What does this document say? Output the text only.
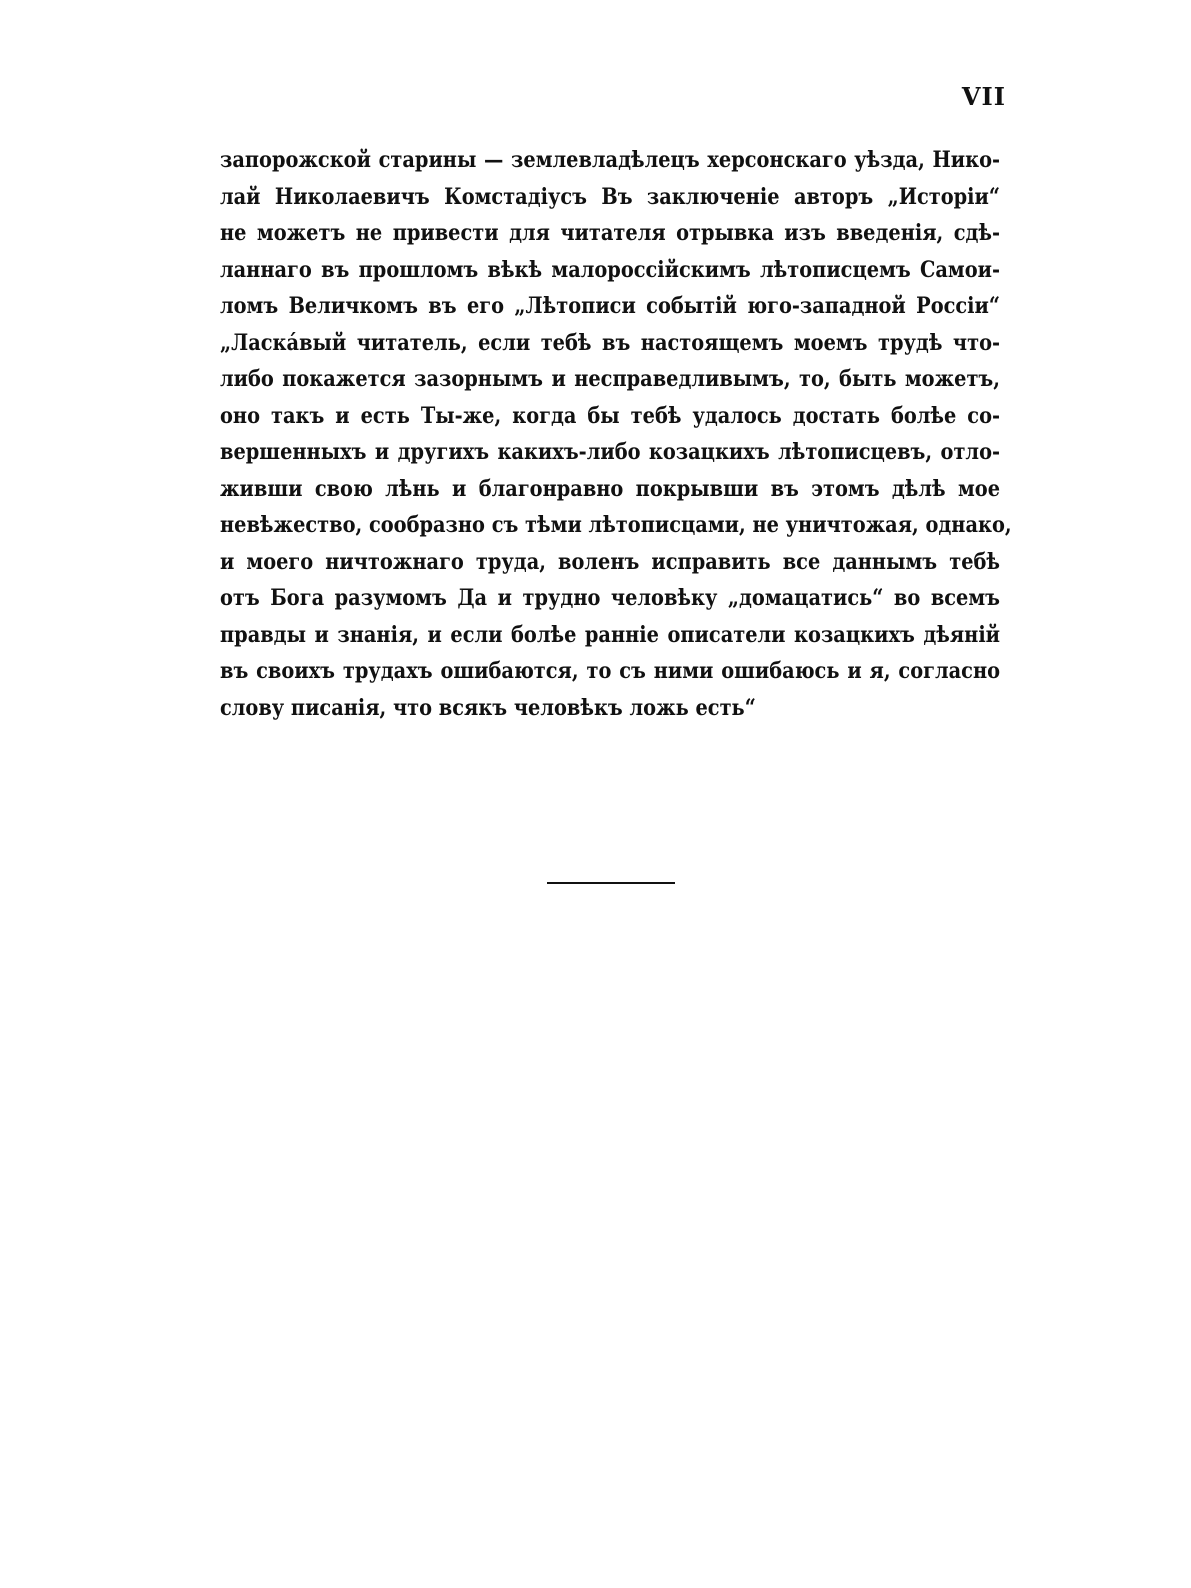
VII
запорожской старины — землевладѣлецъ херсонскаго уѣзда, Нико-
лай Николаевичъ Комстадіусъ Въ заключеніе авторъ „Исторіи“
не можетъ не привести для читателя отрывка изъ введенія, сдѣ-
ланнаго въ прошломъ вѣкѣ малороссійскимъ лѣтописцемъ Самои-
ломъ Величкомъ въ его „Лѣтописи событій юго-западной Россіи“
„Ласкáвый читатель, если тебѣ въ настоящемъ моемъ трудѣ что-
либо покажется зазорнымъ и несправедливымъ, то, быть можетъ,
оно такъ и есть Ты-же, когда бы тебѣ удалось достать болѣе со-
вершенныхъ и другихъ какихъ-либо козацкихъ лѣтописцевъ, отло-
живши свою лѣнь и благонравно покрывши въ этомъ дѣлѣ мое
невѣжество, сообразно съ тѣми лѣтописцами, не уничтожая, однако,
и моего ничтожнаго труда, воленъ исправить все даннымъ тебѣ
отъ Бога разумомъ Да и трудно человѣку „домацатись“ во всемъ
правды и знанія, и если болѣе ранніе описатели козацкихъ дѣяній
въ своихъ трудахъ ошибаются, то съ ними ошибаюсь и я, согласно
слову писанія, что всякъ человѣкъ ложь есть“
